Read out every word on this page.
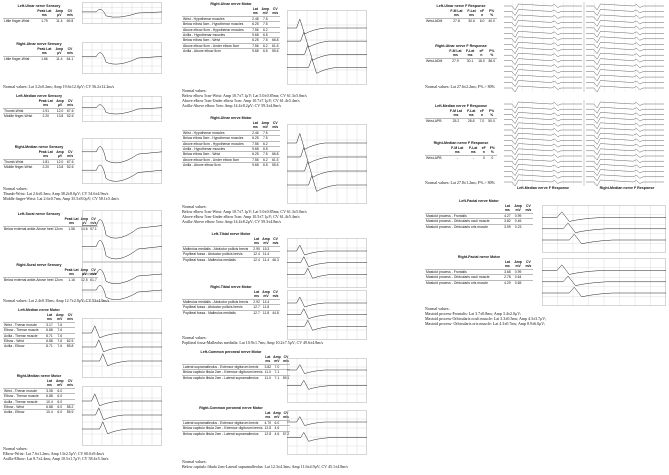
Left-Ulnar nerve Sensory
	Peak Lat	Amp	CV
	ms	μV	m/s
Little finger-Wrist	1.79	11.4	69.8
Right-Ulnar nerve Sensory
	Peak Lat	Amp	CV
	ms	μV	m/s
Little finger-Wrist	1.66	11.4	64.1
Normal values: Lat 3.2±0.2ms; Amp 19.6±12.0μV; CV 56.2±12.2m/s
Left-Median nerve Sensory
	Peak Lat	Amp	CV
	ms	μV	m/s
Thumb-Wrist	1.91	12.0	67.6
Middle finger-Wrist	2.20	13.8	52.6
Right-Median nerve Sensory
	Peak Lat	Amp	CV
	ms	μV	m/s
Thumb-Wrist	1.81	12.0	67.6
Middle finger-Wrist	2.20	13.8	52.6
Normal values:
Thumb-Wrist: Lat 2.6±0.3ms; Amp 38.2±8.0μV; CV 54.6±4.9m/s
Middle finger-Wrist: Lat 2.6±0.7ms; Amp 35.5±8.0μV; CV 58.1±5.4m/s
Left-Sural nerve Sensory
	Peak Lat	Amp	CV
	ms	μV	m/s
Below external ankle-Above heel 12cm	1.56	14.6	57.1
Right-Sural nerve Sensory
	Peak Lat	Amp	CV
	ms	μV	m/s
Below external ankle-Above heel 12cm	1.16	12.5	61.7
Normal values: Lat 2.4±0.35ms; Amp 12.7±2.0μV; CV 53±4.9m/s
Left-Median nerve Motor
	Lat	Amp	CV
	ms	mV	m/s
Wrist - Thenar muscle	3.17	7.6	
Elbow - Thenar muscle	6.88	7.6	
Axilla - Thenar muscle	8.71	7.6	
Elbow - Wrist	6.88	7.6	62.5
Axilla - Elbow	8.71	7.6	55.8
Right-Median nerve Motor
	Lat	Amp	CV
	ms	mV	m/s
Wrist - Thenar muscle	3.08	6.0	
Elbow - Thenar muscle	6.88	6.0	
Axilla - Thenar muscle	10.4	6.0	
Elbow - Wrist	6.88	6.0	58.2
Axilla - Elbow	10.4	6.0	55.9
Normal values:
Elbow-Wrist: Lat 7.6±1.2ms; Amp 13±2.5μV; CV 60.6±9.4m/s
Axilla-Elbow: Lat 8.7±2.4ms; Amp 10.5±1.7μV; CV 58.4±5.3m/s
Right-Ulnar nerve Motor
	Lat	Amp	CV
	ms	mV	m/s
Wrist - Hypothenar muscles	2.48	7.5	
Below elbow 5cm - Hypothenar muscles	6.25	7.5	
Above elbow 5cm - Hypothenar muscles	7.56	6.2	
Axilla - Hypothenar muscles	9.68	6.5	
Below elbow 5cm - Wrist	6.25	7.5	66.8
Above elbow 5cm - Under elbow 5cm	7.56	6.2	61.5
Axilla - Above elbow 5cm	9.68	6.5	55.6
Normal values:
Below elbow 5cm-Wrist: Amp 10.7±7.1μV; Lat 5.0±0.85ms; CV 61.3±5.0m/s
Above elbow 5cm-Under elbow 5cm: Amp 10.7±7.1μV; CV 61.4±5.4m/s
Axilla-Above elbow 5cm: Amp 14.4±8.2μV; CV 59.3±4.8m/s
Right-Ulnar nerve Motor
	Lat	Amp	CV
	ms	mV	m/s
Wrist - Hypothenar muscles	2.46	7.5	
Below elbow 5cm - Hypothenar muscles	6.25	7.5	
Above elbow 5cm - Hypothenar muscles	7.56	6.2	
Axilla - Hypothenar muscles	9.68	6.5	
Below elbow 5cm - Wrist	6.25	7.5	66.8
Above elbow 5cm - Under elbow 5cm	7.56	6.2	61.5
Axilla - Above elbow 5cm	9.68	6.5	55.6
Normal values:
Below elbow 5cm-Wrist: Amp 10.7±7.1μV; Lat 5.0±0.85ms; CV 61.3±5.0m/s
Above elbow 5cm-Under elbow 5cm: Amp 10.5±7.1μV; CV 61.4±5.4m/s
Axilla-Above elbow 5cm: Amp 14.4±8.2μV; CV 59.3±4.8m/s
Left-Tibial nerve Motor
	Lat	Amp	CV
	ms	mV	m/s
Malleolus medialis - Abductor pollicis brevis	2.90	15.3	
Popliteal fossa - Abductor pollicis brevis	12.4	11.4	
Popliteal fossa - Malleolus medialis	12.4	11.4	46.3
Right-Tibial nerve Motor
	Lat	Amp	CV
	ms	mV	m/s
Malleolus medialis - Abductor pollicis brevis	2.92	14.4	
Popliteal fossa - Abductor pollicis brevis	12.7	11.8	
Popliteal fossa - Malleolus medialis	12.7	11.8	44.8
Normal values:
Popliteal fossa-Malleolus medialis: Lat 10.9±1.7ms; Amp 10.2±7.5μV; CV 49.6±4.8m/s
Left-Common peroneal nerve Motor
	Lat	Amp	CV
	ms	mV	m/s
Lateral supramalleolus - Extensor digitorum brevis	3.82	7.0	
Below capitulo fibula 2cm - Extensor digitorum brevis	11.0	7.1	
Below capitulo fibula 2cm - Lateral supramalleolus	11.0	7.1	59.1
Right-Common peroneal nerve Motor
	Lat	Amp	CV
	ms	mV	m/s
Lateral supramalleolus - Extensor digitorum brevis	4.70	6.0	
Below capitulo fibula 2cm - Extensor digitorum brevis	12.8	4.6	
Below capitulo fibula 2cm - Lateral supramalleolus	12.8	4.6	57.2
Normal values:
Below capitulo fibula 2cm-Lateral supramalleolus: Lat 12.3±4.3ms; Amp 11.6±4.9μV; CV 45.1±4.8m/s
Left-Ulnar nerve F Response
	F-M Lat	F-Lat	eF	F%
	ms	ms	n	%
Wrist-ADM	27.8	30.6	6.0	40.0
Right-Ulnar nerve F Response
	F-M Lat	F-Lat	eF	F%
	ms	ms	n	%
Wrist-ADM	27.9	30.1	18.0	86.0
Normal values: Lat 27.6±2.2ms; F% > 80%
Left-Median nerve F Response
	F-M Lat	F-Lat	eF	F%
	ms	ms	n	%
Wrist-APB	25.2	28.8	7.0	50.0
Left-Median nerve F Response	Right-Median nerve F Response
Right-Median nerve F Response
	F-M Lat	F-Lat	eF	F%
	ms	ms	n	%
Wrist-APB	-	-	0	0
Normal values: Lat 27.8±1.2ms; F% > 80%
Left-Facial nerve Motor
	Lat	Amp	CV
	ms	mV	m/s
Mastoid process - Frontalis	4.27	0.99	
Mastoid process - Orbicularis oculi muscle	3.82	0.46	
Mastoid process - Orbicularis oris muscle	3.99	0.23	
Right-Facial nerve Motor
	Lat	Amp	CV
	ms	mV	m/s
Mastoid process - Frontalis	3.68	0.99	
Mastoid process - Orbicularis oculi muscle	2.78	0.64	
Mastoid process - Orbicularis oris muscle	4.29	0.65	
Normal values:
Mastoid process-Frontalis: Lat 3.7±0.8ms; Amp 3.4±2.0μV;
Mastoid process-Orbicularis oculi muscle: Lat 3.3±0.5ms; Amp 4.3±3.7μV;
Mastoid process- Orbicularis oris muscle: Lat 4.3±0.7ms; Amp 8.9±6.0μV;
